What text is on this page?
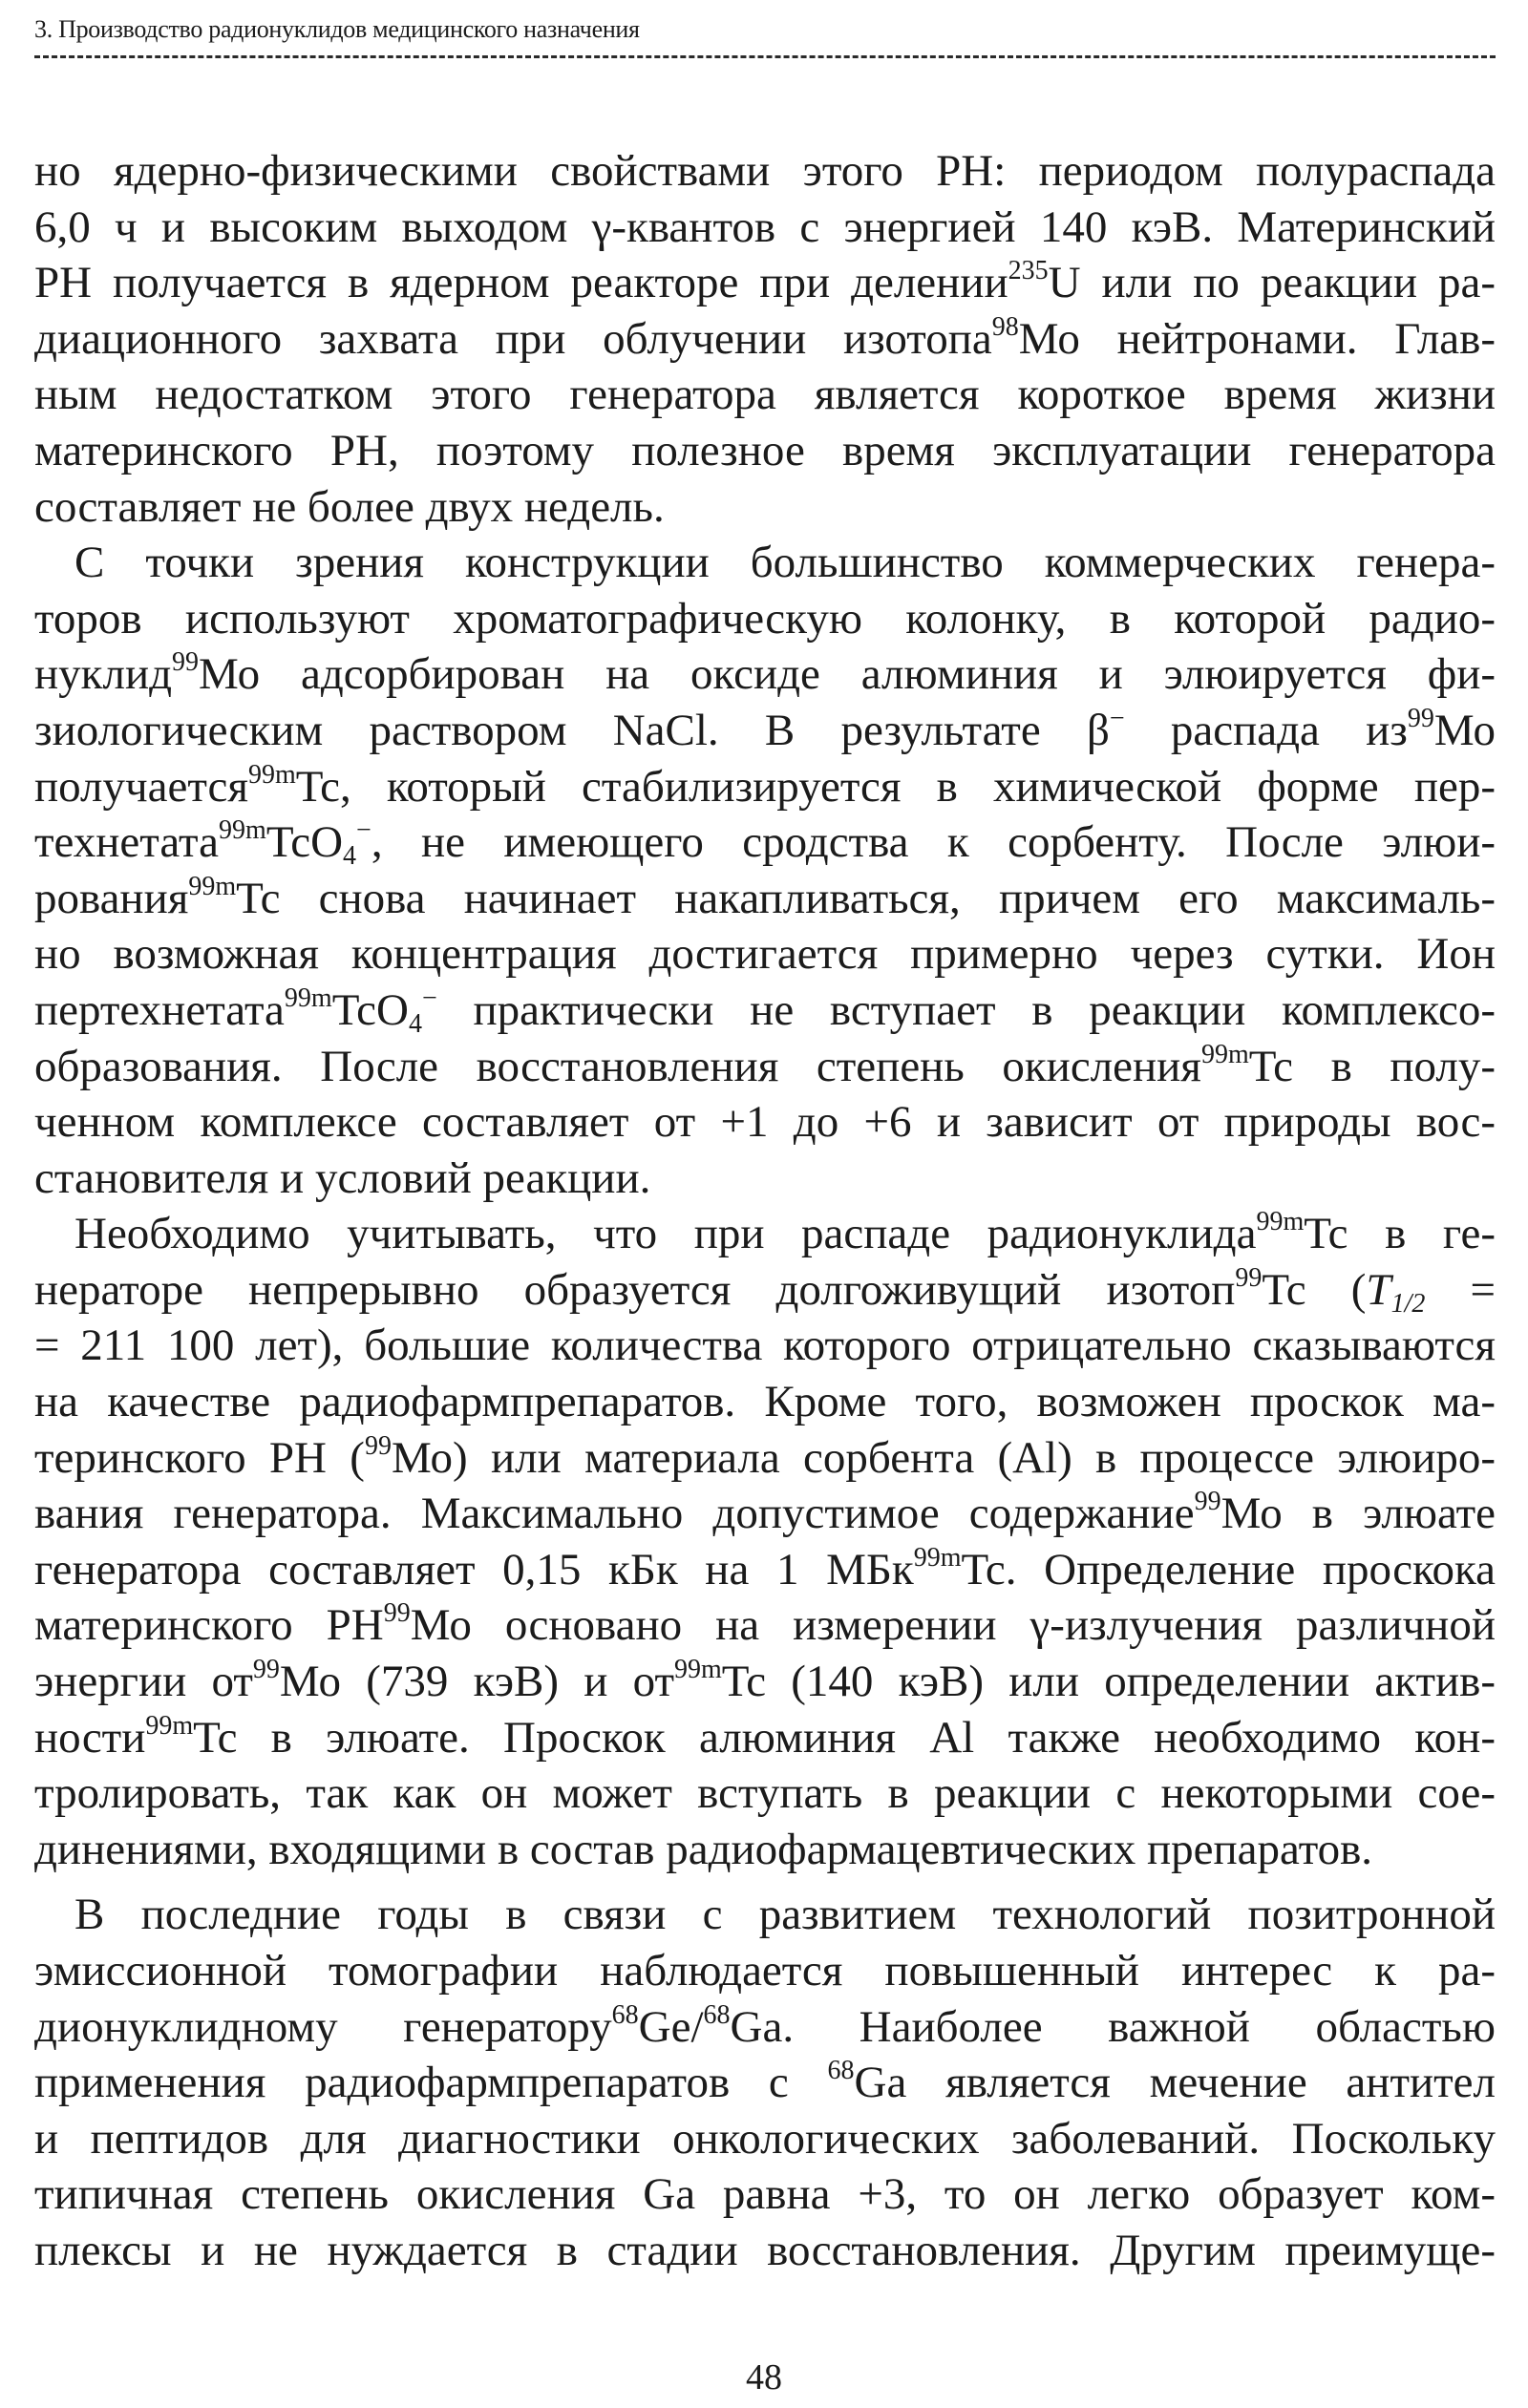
3. Производство радионуклидов медицинского назначения
но ядерно-физическими свойствами этого РН: периодом полураспада
6,0 ч и высоким выходом γ-квантов с энергией 140 кэВ. Материнский
РН получается в ядерном реакторе при делении$^{235}$U или по реакции ра-
диационного захвата при облучении изотопа$^{98}$Мо нейтронами. Глав-
ным недостатком этого генератора является короткое время жизни
материнского РН, поэтому полезное время эксплуатации генератора
составляет не более двух недель.
С точки зрения конструкции большинство коммерческих генера-
торов используют хроматографическую колонку, в которой радио-
нуклид$^{99}$Мо адсорбирован на оксиде алюминия и элюируется фи-
зиологическим раствором NaCl. В результате β− распада $из^{99}Мо$
получается$^{99m}$Tc, который стабилизируется в химической форме пер-
технетата$^{99m}$TcO$_4$−, не имеющего сродства к сорбенту. После элюи-
рования$^{99m}$Tc снова начинает накапливаться, причем его максималь-
но возможная концентрация достигается примерно через сутки. Ион
пертехнетата$^{99m}$TcO$_4$− практически не вступает в реакции комплексо-
образования. После восстановления степень окисления$^{99m}$Tc в полу-
ченном комплексе составляет от +1 до +6 и зависит от природы вос-
становителя и условий реакции.
Необходимо учитывать, что при распаде радионуклида$^{99m}$Tc в ге-
нераторе непрерывно образуется долгоживущий изотоп$^{99}$Tc ($T_{1/2}$ =
= 211 100 лет), большие количества которого отрицательно сказываются
на качестве радиофармпрепаратов. Кроме того, возможен проскок ма-
теринского РН ($^{99}$Мо) или материала сорбента (Al) в процессе элюиро-
вания генератора. Максимально допустимое содержание$^{99}$Мо в элюате
генератора составляет 0,15 кБк на 1 МБк$^{99m}$Tc. Определение проскока
материнского РН$^{99}$Мо основано на измерении γ-излучения различной
энергии $от^{99}Мо$ (739 кэВ) и $от^{99m}Tc$ (140 кэВ) или определении актив-
ности$^{99m}$Tc в элюате. Проскок алюминия Al также необходимо кон-
тролировать, так как он может вступать в реакции с некоторыми сое-
динениями, входящими в состав радиофармацевтических препаратов.
В последние годы в связи с развитием технологий позитронной
эмиссионной томографии наблюдается повышенный интерес к ра-
дионуклидному генератору$^{68}$Ge/$^{68}$Ga. Наиболее важной областью
применения радиофармпрепаратов с $^{68}$Ga является мечение антител
и пептидов для диагностики онкологических заболеваний. Поскольку
типичная степень окисления Ga равна +3, то он легко образует ком-
плексы и не нуждается в стадии восстановления. Другим преимуще-
48
